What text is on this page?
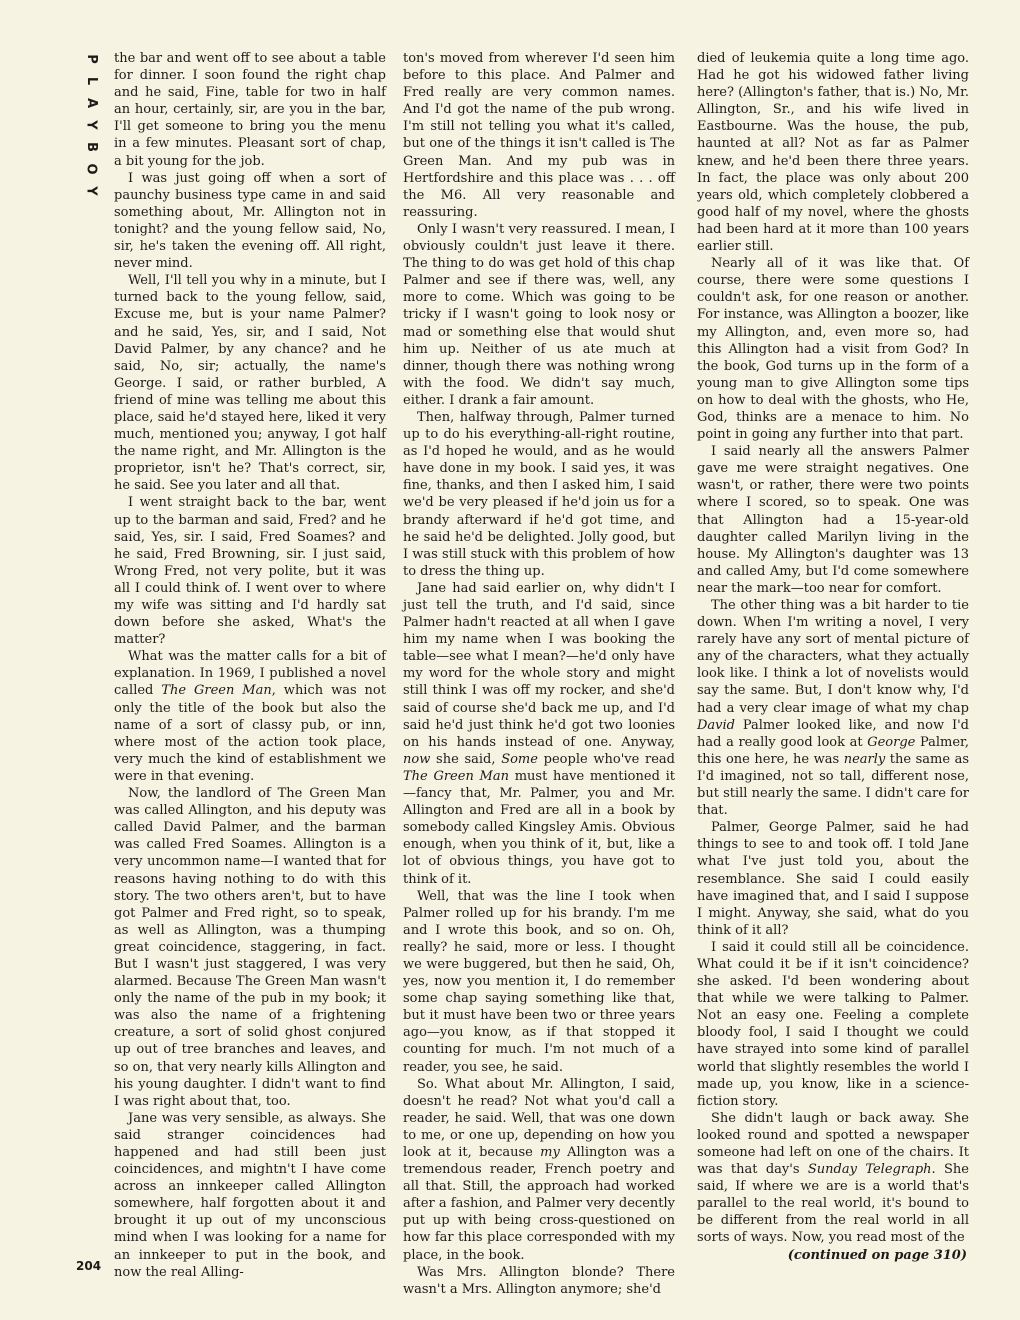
P
L
A
Y
B
O
Y

the bar and went off to see about a table for dinner. I soon found the right chap and he said, Fine, table for two in half an hour, certainly, sir, are you in the bar, I'll get someone to bring you the menu in a few minutes. Pleasant sort of chap, a bit young for the job.

I was just going off when a sort of paunchy business type came in and said something about, Mr. Allington not in tonight? and the young fellow said, No, sir, he's taken the evening off. All right, never mind.

Well, I'll tell you why in a minute, but I turned back to the young fellow, said, Excuse me, but is your name Palmer? and he said, Yes, sir, and I said, Not David Palmer, by any chance? and he said, No, sir; actually, the name's George. I said, or rather burbled, A friend of mine was telling me about this place, said he'd stayed here, liked it very much, mentioned you; anyway, I got half the name right, and Mr. Allington is the proprietor, isn't he? That's correct, sir, he said. See you later and all that.

I went straight back to the bar, went up to the barman and said, Fred? and he said, Yes, sir. I said, Fred Soames? and he said, Fred Browning, sir. I just said, Wrong Fred, not very polite, but it was all I could think of. I went over to where my wife was sitting and I'd hardly sat down before she asked, What's the matter?

What was the matter calls for a bit of explanation. In 1969, I published a novel called The Green Man, which was not only the title of the book but also the name of a sort of classy pub, or inn, where most of the action took place, very much the kind of establishment we were in that evening.

Now, the landlord of The Green Man was called Allington, and his deputy was called David Palmer, and the barman was called Fred Soames. Allington is a very uncommon name—I wanted that for reasons having nothing to do with this story. The two others aren't, but to have got Palmer and Fred right, so to speak, as well as Allington, was a thumping great coincidence, staggering, in fact. But I wasn't just staggered, I was very alarmed. Because The Green Man wasn't only the name of the pub in my book; it was also the name of a frightening creature, a sort of solid ghost conjured up out of tree branches and leaves, and so on, that very nearly kills Allington and his young daughter. I didn't want to find I was right about that, too.

Jane was very sensible, as always. She said stranger coincidences had happened and had still been just coincidences, and mightn't I have come across an innkeeper called Allington somewhere, half forgotten about it and brought it up out of my unconscious mind when I was looking for a name for an innkeeper to put in the book, and now the real Alling-

ton's moved from wherever I'd seen him before to this place. And Palmer and Fred really are very common names. And I'd got the name of the pub wrong. I'm still not telling you what it's called, but one of the things it isn't called is The Green Man. And my pub was in Hertfordshire and this place was . . . off the M6. All very reasonable and reassuring.

Only I wasn't very reassured. I mean, I obviously couldn't just leave it there. The thing to do was get hold of this chap Palmer and see if there was, well, any more to come. Which was going to be tricky if I wasn't going to look nosy or mad or something else that would shut him up. Neither of us ate much at dinner, though there was nothing wrong with the food. We didn't say much, either. I drank a fair amount.

Then, halfway through, Palmer turned up to do his everything-all-right routine, as I'd hoped he would, and as he would have done in my book. I said yes, it was fine, thanks, and then I asked him, I said we'd be very pleased if he'd join us for a brandy afterward if he'd got time, and he said he'd be delighted. Jolly good, but I was still stuck with this problem of how to dress the thing up.

Jane had said earlier on, why didn't I just tell the truth, and I'd said, since Palmer hadn't reacted at all when I gave him my name when I was booking the table—see what I mean?—he'd only have my word for the whole story and might still think I was off my rocker, and she'd said of course she'd back me up, and I'd said he'd just think he'd got two loonies on his hands instead of one. Anyway, now she said, Some people who've read The Green Man must have mentioned it—fancy that, Mr. Palmer, you and Mr. Allington and Fred are all in a book by somebody called Kingsley Amis. Obvious enough, when you think of it, but, like a lot of obvious things, you have got to think of it.

Well, that was the line I took when Palmer rolled up for his brandy. I'm me and I wrote this book, and so on. Oh, really? he said, more or less. I thought we were buggered, but then he said, Oh, yes, now you mention it, I do remember some chap saying something like that, but it must have been two or three years ago—you know, as if that stopped it counting for much. I'm not much of a reader, you see, he said.

So. What about Mr. Allington, I said, doesn't he read? Not what you'd call a reader, he said. Well, that was one down to me, or one up, depending on how you look at it, because my Allington was a tremendous reader, French poetry and all that. Still, the approach had worked after a fashion, and Palmer very decently put up with being cross-questioned on how far this place corresponded with my place, in the book.

Was Mrs. Allington blonde? There wasn't a Mrs. Allington anymore; she'd

died of leukemia quite a long time ago. Had he got his widowed father living here? (Allington's father, that is.) No, Mr. Allington, Sr., and his wife lived in Eastbourne. Was the house, the pub, haunted at all? Not as far as Palmer knew, and he'd been there three years. In fact, the place was only about 200 years old, which completely clobbered a good half of my novel, where the ghosts had been hard at it more than 100 years earlier still.

Nearly all of it was like that. Of course, there were some questions I couldn't ask, for one reason or another. For instance, was Allington a boozer, like my Allington, and, even more so, had this Allington had a visit from God? In the book, God turns up in the form of a young man to give Allington some tips on how to deal with the ghosts, who He, God, thinks are a menace to him. No point in going any further into that part.

I said nearly all the answers Palmer gave me were straight negatives. One wasn't, or rather, there were two points where I scored, so to speak. One was that Allington had a 15-year-old daughter called Marilyn living in the house. My Allington's daughter was 13 and called Amy, but I'd come somewhere near the mark—too near for comfort.

The other thing was a bit harder to tie down. When I'm writing a novel, I very rarely have any sort of mental picture of any of the characters, what they actually look like. I think a lot of novelists would say the same. But, I don't know why, I'd had a very clear image of what my chap David Palmer looked like, and now I'd had a really good look at George Palmer, this one here, he was nearly the same as I'd imagined, not so tall, different nose, but still nearly the same. I didn't care for that.

Palmer, George Palmer, said he had things to see to and took off. I told Jane what I've just told you, about the resemblance. She said I could easily have imagined that, and I said I suppose I might. Anyway, she said, what do you think of it all?

I said it could still all be coincidence. What could it be if it isn't coincidence? she asked. I'd been wondering about that while we were talking to Palmer. Not an easy one. Feeling a complete bloody fool, I said I thought we could have strayed into some kind of parallel world that slightly resembles the world I made up, you know, like in a science-fiction story.

She didn't laugh or back away. She looked round and spotted a newspaper someone had left on one of the chairs. It was that day's Sunday Telegraph. She said, If where we are is a world that's parallel to the real world, it's bound to be different from the real world in all sorts of ways. Now, you read most of the

(continued on page 310)

204
